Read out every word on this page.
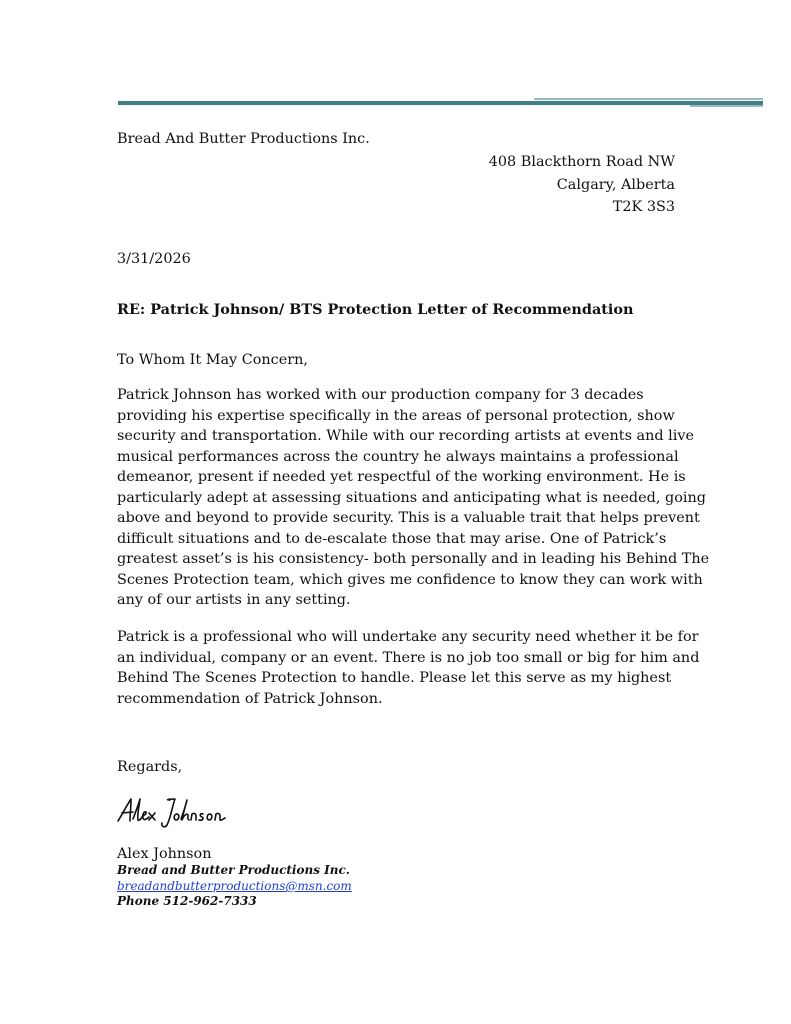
Bread And Butter Productions Inc.
408 Blackthorn Road NW
Calgary, Alberta
T2K 3S3
3/31/2026
RE: Patrick Johnson/ BTS Protection Letter of Recommendation
To Whom It May Concern,
Patrick Johnson has worked with our production company for 3 decades
providing his expertise specifically in the areas of personal protection, show
security and transportation. While with our recording artists at events and live
musical performances across the country he always maintains a professional
demeanor, present if needed yet respectful of the working environment. He is
particularly adept at assessing situations and anticipating what is needed, going
above and beyond to provide security. This is a valuable trait that helps prevent
difficult situations and to de-escalate those that may arise. One of Patrick’s
greatest asset’s is his consistency- both personally and in leading his Behind The
Scenes Protection team, which gives me confidence to know they can work with
any of our artists in any setting.
Patrick is a professional who will undertake any security need whether it be for
an individual, company or an event. There is no job too small or big for him and
Behind The Scenes Protection to handle. Please let this serve as my highest
recommendation of Patrick Johnson.
Regards,
Alex Johnson
Bread and Butter Productions Inc.
breadandbutterproductions@msn.com
Phone 512-962-7333
